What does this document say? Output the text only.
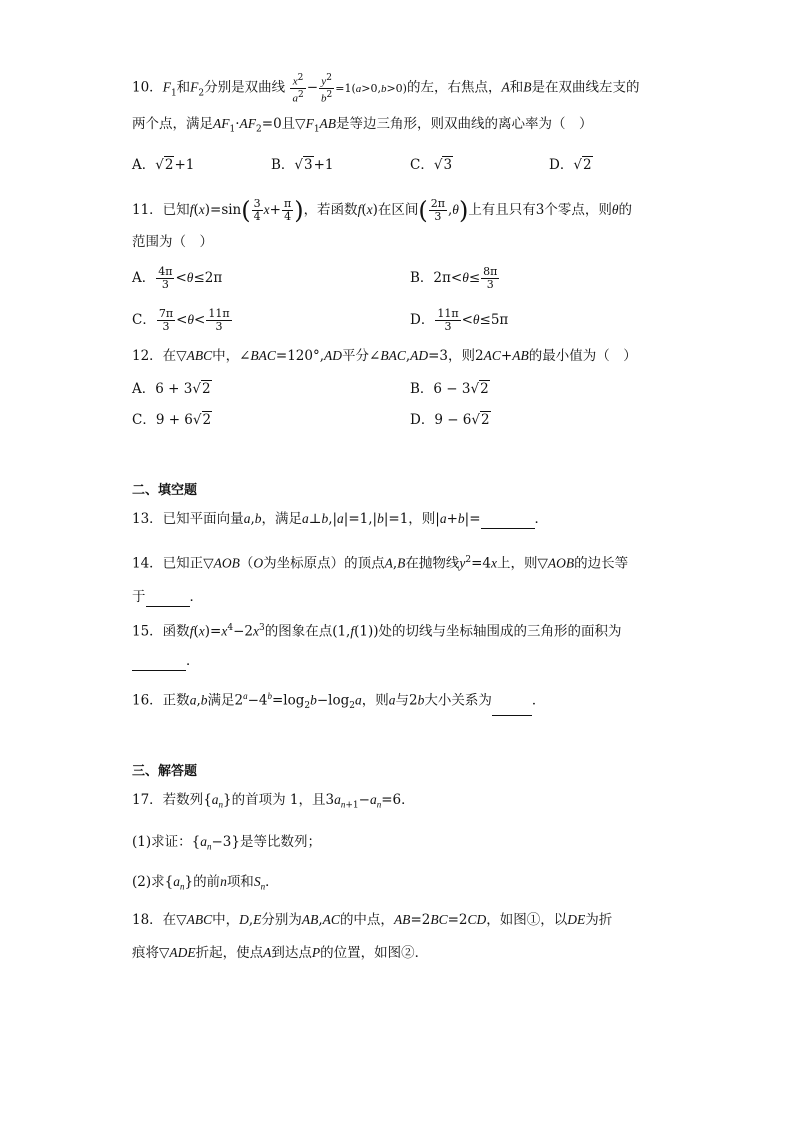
10．$F_1$和$F_2$分别是双曲线 $\frac{x^2}{a^2} - \frac{y^2}{b^2} =1(a>0,b>0)$的左，右焦点，A和B是在双曲线左支的
两个点，满足$AF_1\cdot AF_2=0$且$▽F_1AB$是等边三角形，则双曲线的离心率为（　）
A．√2+1	B．√3+1	C．√3	D．√2
11．已知$f(x)=\sin( \frac{3}{4} x+ \frac{\pi}{4}$ )，若函数f(x)在区间( $\frac{2\pi}{3} ,\theta$)上有且只有3个零点，则θ的
范围为（　）
A． $\frac{4\pi}{3} <\theta\le 2\pi$	B．$2\pi<\theta\le \frac{8\pi}{3}$
C． $\frac{7\pi}{3} <\theta< \frac{11\pi}{3}$	D． $\frac{11\pi}{3} <\theta\le 5\pi$
12．在▽ABC中，∠BAC=120°,AD平分∠BAC,AD=3，则2AC+AB的最小值为（　）
A．6 + 3√2	B．6 − 3√2
C．9 + 6√2	D．9 − 6√2
二、填空题
13．已知平面向量a,b，满足a⊥b,|a|=1,|b|=1，则|a+b|=	．
14．已知正▽AOB（O为坐标原点）的顶点A,B在抛物线$y^2=4x$上，则▽AOB的边长等
于	．
15．函数$f(x)=x^4-2x^3$的图象在点(1,f(1))处的切线与坐标轴围成的三角形的面积为
．
16．正数a,b满足$2^a-4^b=\log_2b-\log_2a$，则a与2b大小关系为	．
三、解答题
17．若数列$\{a_n\}$的首项为 1，且$3a_{n+1}-a_n=6$．
(1)求证：$\{a_n-3\}$是等比数列；
(2)求$\{a_n\}$的前n项和$S_n$．
18．在▽ABC中，D,E分别为AB,AC的中点，AB=2BC=2CD，如图①，以DE为折
痕将▽ADE折起，使点A到达点P的位置，如图②．
